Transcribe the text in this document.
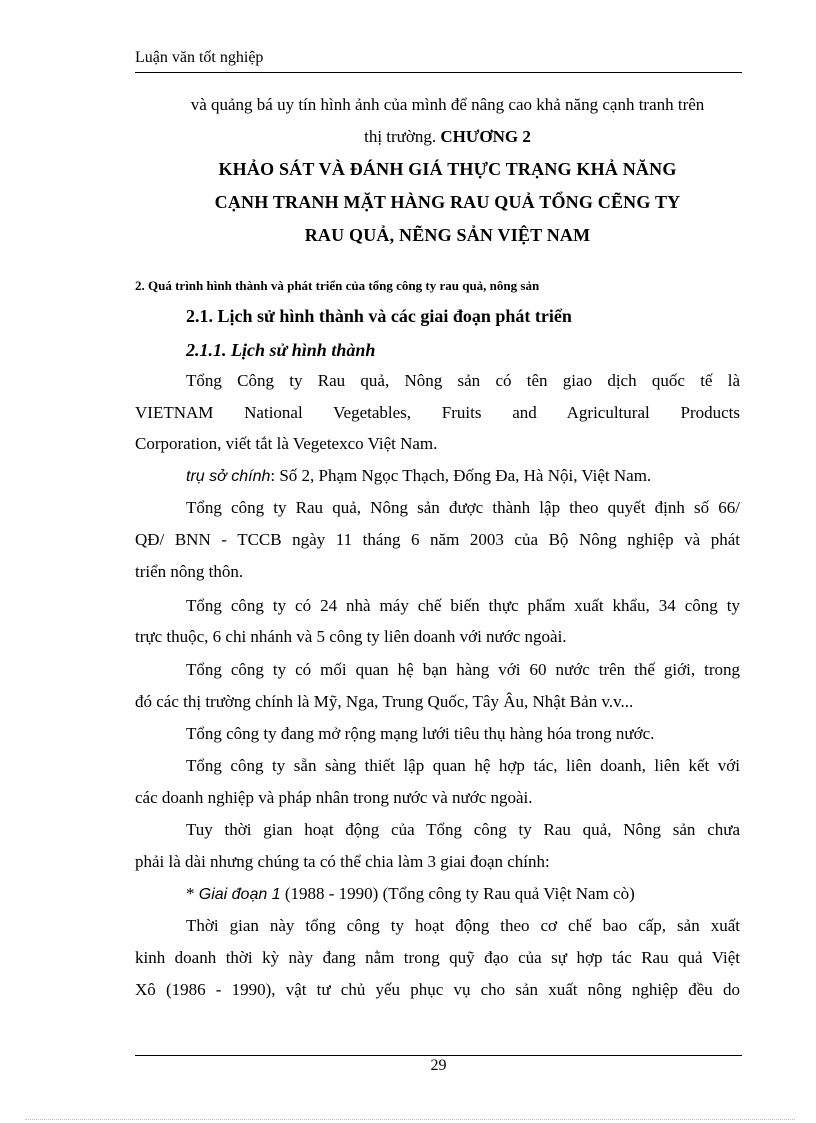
Luận văn tốt nghiệp
và quảng bá uy tín hình ảnh của mình để nâng cao khả năng cạnh tranh trên
thị trường. CHƯƠNG 2
KHẢO SÁT VÀ ĐÁNH GIÁ THỰC TRẠNG KHẢ NĂNG
CẠNH TRANH MẶT HÀNG RAU QUẢ TỔNG CẼNG TY
RAU QUẢ, NẼNG SẢN VIỆT NAM
2. Quá trình hình thành và phát triển của tổng công ty rau quả, nông sản
2.1. Lịch sử hình thành và các giai đoạn phát triển
2.1.1. Lịch sử hình thành
Tổng Công ty Rau quả, Nông sản có tên giao dịch quốc tế là
VIETNAM National Vegetables, Fruits and Agricultural Products
Corporation, viết tắt là Vegetexco Việt Nam.
trụ sở chính: Số 2, Phạm Ngọc Thạch, Đống Đa, Hà Nội, Việt Nam.
Tổng công ty Rau quả, Nông sản được thành lập theo quyết định số 66/
QĐ/ BNN - TCCB ngày 11 tháng 6 năm 2003 của Bộ Nông nghiệp và phát
triển nông thôn.
Tổng công ty có 24 nhà máy chế biến thực phẩm xuất khẩu, 34 công ty
trực thuộc, 6 chi nhánh và 5 công ty liên doanh với nước ngoài.
Tổng công ty có mối quan hệ bạn hàng với 60 nước trên thế giới, trong
đó các thị trường chính là Mỹ, Nga, Trung Quốc, Tây Âu, Nhật Bản v.v...
Tổng công ty đang mở rộng mạng lưới tiêu thụ hàng hóa trong nước.
Tổng công ty sẵn sàng thiết lập quan hệ hợp tác, liên doanh, liên kết với
các doanh nghiệp và pháp nhân trong nước và nước ngoài.
Tuy thời gian hoạt động của Tổng công ty Rau quả, Nông sản chưa
phải là dài nhưng chúng ta có thể chia làm 3 giai đoạn chính:
* Giai đoạn 1 (1988 - 1990) (Tổng công ty Rau quả Việt Nam cò)
Thời gian này tổng công ty hoạt động theo cơ chế bao cấp, sản xuất
kinh doanh thời kỳ này đang nằm trong quỹ đạo của sự hợp tác Rau quả Việt
Xô (1986 - 1990), vật tư chủ yếu phục vụ cho sản xuất nông nghiệp đều do
29
